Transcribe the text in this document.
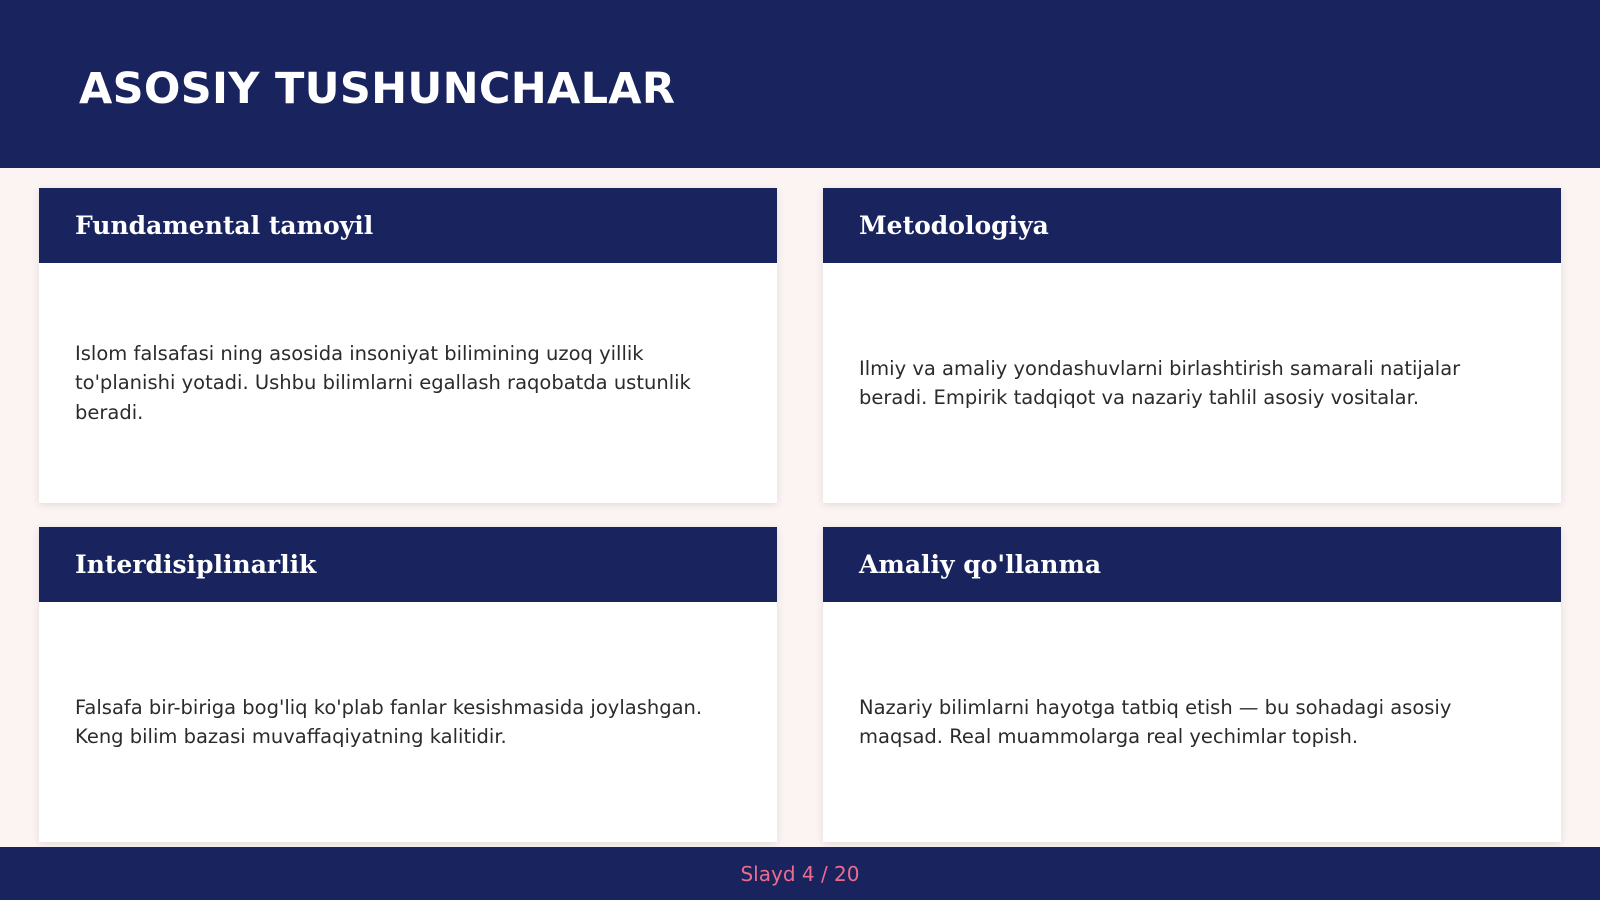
ASOSIY TUSHUNCHALAR
Fundamental tamoyil

Islom falsafasi ning asosida insoniyat bilimining uzoq yillik to'planishi yotadi. Ushbu bilimlarni egallash raqobatda ustunlik beradi.

Metodologiya

Ilmiy va amaliy yondashuvlarni birlashtirish samarali natijalar beradi. Empirik tadqiqot va nazariy tahlil asosiy vositalar.

Interdisiplinarlik

Falsafa bir-biriga bog'liq ko'plab fanlar kesishmasida joylashgan. Keng bilim bazasi muvaffaqiyatning kalitidir.

Amaliy qo'llanma

Nazariy bilimlarni hayotga tatbiq etish — bu sohadagi asosiy maqsad. Real muammolarga real yechimlar topish.

Slayd 4 / 20
